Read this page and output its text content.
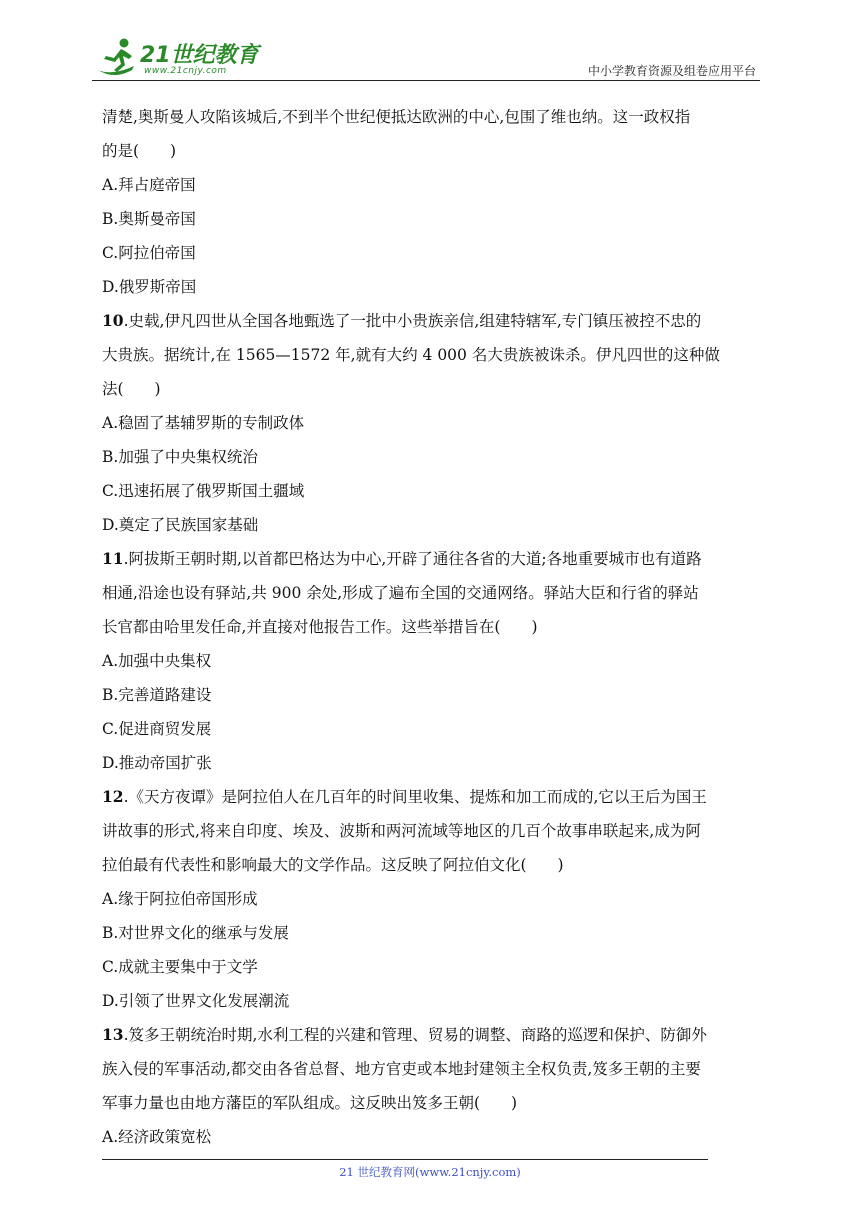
21世纪教育
www.21cnjy.com	中小学教育资源及组卷应用平台
清楚,奥斯曼人攻陷该城后,不到半个世纪便抵达欧洲的中心,包围了维也纳。这一政权指
的是(　　)
A.拜占庭帝国
B.奥斯曼帝国
C.阿拉伯帝国
D.俄罗斯帝国
10.史载,伊凡四世从全国各地甄选了一批中小贵族亲信,组建特辖军,专门镇压被控不忠的
大贵族。据统计,在 1565—1572 年,就有大约 4 000 名大贵族被诛杀。伊凡四世的这种做
法(　　)
A.稳固了基辅罗斯的专制政体
B.加强了中央集权统治
C.迅速拓展了俄罗斯国土疆域
D.奠定了民族国家基础
11.阿拔斯王朝时期,以首都巴格达为中心,开辟了通往各省的大道;各地重要城市也有道路
相通,沿途也设有驿站,共 900 余处,形成了遍布全国的交通网络。驿站大臣和行省的驿站
长官都由哈里发任命,并直接对他报告工作。这些举措旨在(　　)
A.加强中央集权
B.完善道路建设
C.促进商贸发展
D.推动帝国扩张
12.《天方夜谭》是阿拉伯人在几百年的时间里收集、提炼和加工而成的,它以王后为国王
讲故事的形式,将来自印度、埃及、波斯和两河流域等地区的几百个故事串联起来,成为阿
拉伯最有代表性和影响最大的文学作品。这反映了阿拉伯文化(　　)
A.缘于阿拉伯帝国形成
B.对世界文化的继承与发展
C.成就主要集中于文学
D.引领了世界文化发展潮流
13.笈多王朝统治时期,水利工程的兴建和管理、贸易的调整、商路的巡逻和保护、防御外
族入侵的军事活动,都交由各省总督、地方官吏或本地封建领主全权负责,笈多王朝的主要
军事力量也由地方藩臣的军队组成。这反映出笈多王朝(　　)
A.经济政策宽松
21 世纪教育网(www.21cnjy.com)
